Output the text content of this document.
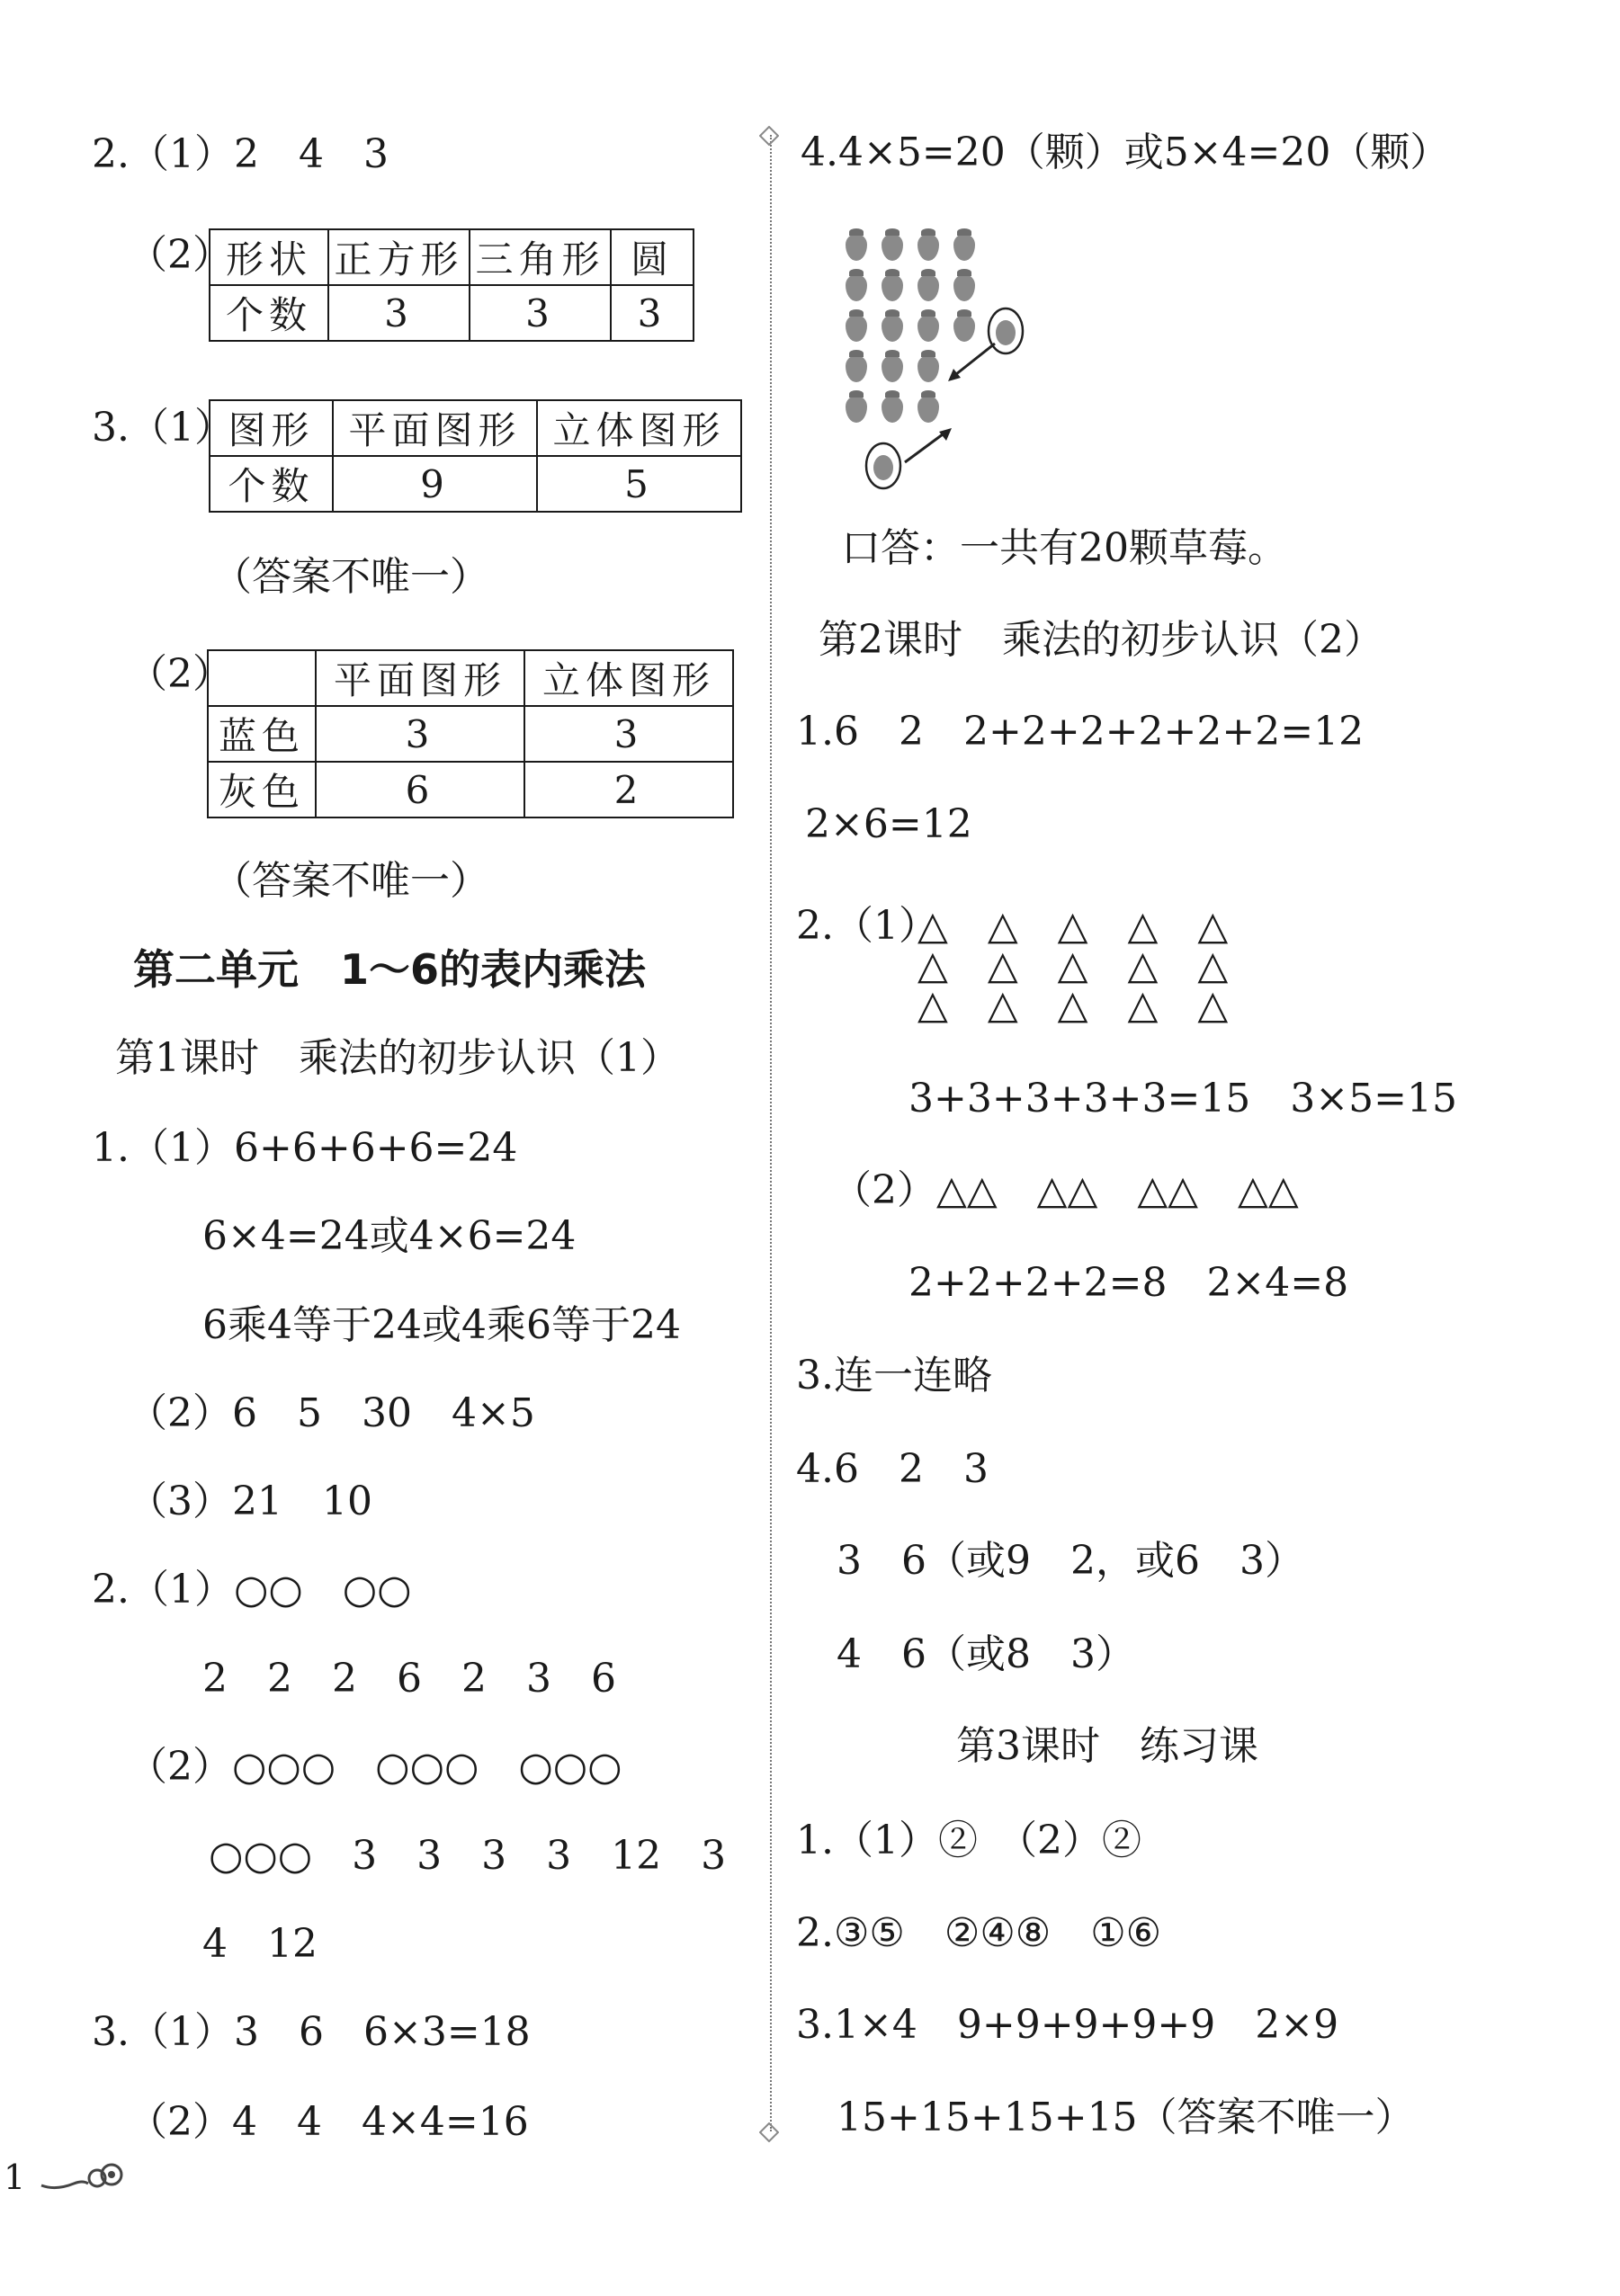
2.（1）2　4　3
（2）
形状	正方形	三角形	圆
个数	3	3	3
3.（1）
图形	平面图形	立体图形
个数	9	5
（答案不唯一）
（2）
		平面图形	立体图形
蓝色	3	3
灰色	6	2
（答案不唯一）
第二单元　1～6的表内乘法
第1课时　乘法的初步认识（1）
1.（1）6+6+6+6=24
6×4=24或4×6=24
6乘4等于24或4乘6等于24
（2）6　5　30　4×5
（3）21　10
2.（1）○○　○○
2　2　2　6　2　3　6
（2）○○○　○○○　○○○
○○○　3　3　3　3　12　3
4　12
3.（1）3　6　6×3=18
（2）4　4　4×4=16
4.4×5=20（颗）或5×4=20（颗）
口答：一共有20颗草莓。
第2课时　乘法的初步认识（2）
1.6　2　2+2+2+2+2+2=12
2×6=12
2.（1）
△　△　△　△　△
△　△　△　△　△
△　△　△　△　△
3+3+3+3+3=15　3×5=15
（2）△△　△△　△△　△△
2+2+2+2=8　2×4=8
3.连一连略
4.6　2　3
3　6（或9　2，或6　3）
4　6（或8　3）
第3课时　练习课
1.（1）②　（2）②
2.③⑤　②④⑧　①⑥
3.1×4　9+9+9+9+9　2×9
15+15+15+15（答案不唯一）
1
